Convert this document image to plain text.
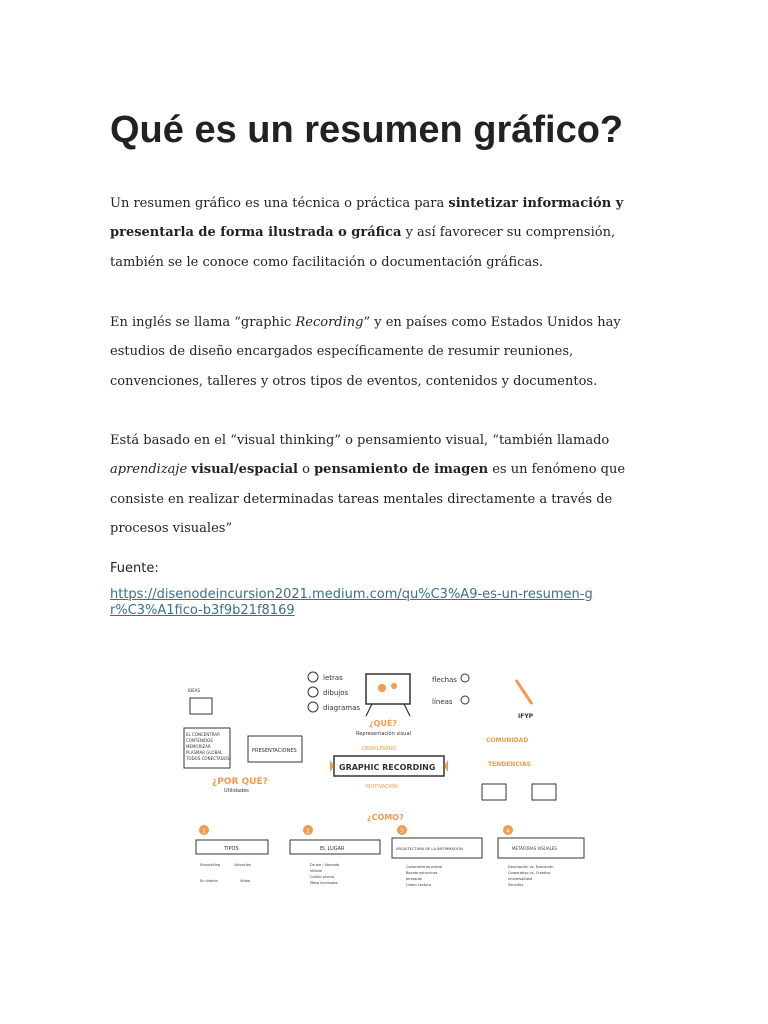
Qué es un resumen gráfico?

Un resumen gráfico es una técnica o práctica para sintetizar información y presentarla de forma ilustrada o gráfica y así favorecer su comprensión, también se le conoce como facilitación o documentación gráficas.

En inglés se llama “graphic Recording” y en países como Estados Unidos hay estudios de diseño encargados específicamente de resumir reuniones, convenciones, talleres y otros tipos de eventos, contenidos y documentos.

Está basado en el “visual thinking” o pensamiento visual, “también llamado aprendizaje visual/espacial o pensamiento de imagen es un fenómeno que consiste en realizar determinadas tareas mentales directamente a través de procesos visuales”

Fuente:

https://disenodeincursion2021.medium.com/qu%C3%A9-es-un-resumen-gr%C3%A1fico-b3f9b21f8169
letras
dibujos
diagramas
flechas
líneas
¿QUÉ?
Representación visual
DESPILFARRO
GRAPHIC RECORDING
MOTIVACIÓN
¿CÓMO?
EL CONCENTRAR
CONTENIDOS
MEMORIZAR
PLASMAR GLOBAL
TODOS CONECTADOS
IDEAS
PRESENTACIONES
¿POR QUÉ?
Utilidades
IFYP
COMUNIDAD
TENDENCIAS
1
TIPOS
Storytelling	Ubicación
En directo	Vídeo
2
EL LUGAR
De pie / Sentado
Villeda
Cartón pluma
Mesa iluminada
3
ARQUITECTURA DE LA INFORMACIÓN
Conocimiento previo
Boceto estructura
Jerarquía
Orden Lectura
4
METÁFORAS VISUALES
Descripción vs. Evocación
Corporativo vs. Creativo
Universalidad
Sencillez
